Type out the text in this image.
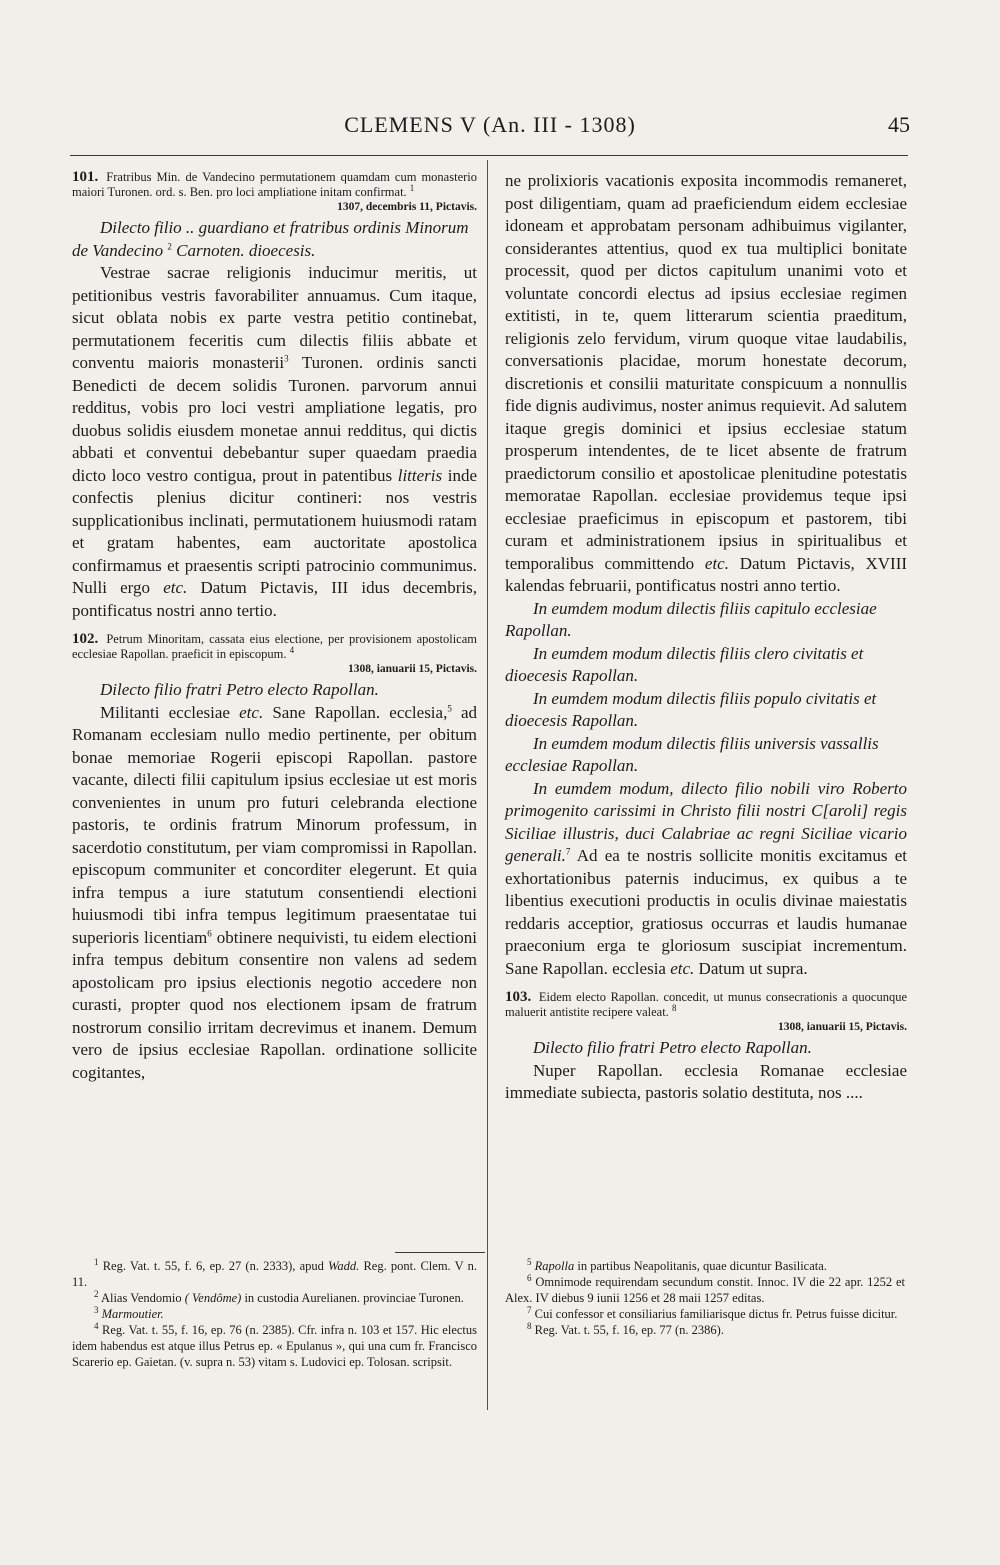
CLEMENS V (An. III - 1308)	45

101. Fratribus Min. de Vandecino permutationem quamdam cum monasterio maiori Turonen. ord. s. Ben. pro loci ampliatione initam confirmat. $^1$

1307, decembris 11, Pictavis.

Dilecto filio .. guardiano et fratribus ordinis Minorum de Vandecino $^2$ Carnoten. dioecesis.

Vestrae sacrae religionis inducimur meritis, ut petitionibus vestris favorabiliter annuamus. Cum itaque, sicut oblata nobis ex parte vestra petitio continebat, permutationem feceritis cum dilectis filiis abbate et conventu maioris monasterii$^3$ Turonen. ordinis sancti Benedicti de decem solidis Turonen. parvorum annui redditus, vobis pro loci vestri ampliatione legatis, pro duobus solidis eiusdem monetae annui redditus, qui dictis abbati et conventui debebantur super quaedam praedia dicto loco vestro contigua, prout in patentibus litteris inde confectis plenius dicitur contineri: nos vestris supplicationibus inclinati, permutationem huiusmodi ratam et gratam habentes, eam auctoritate apostolica confirmamus et praesentis scripti patrocinio communimus. Nulli ergo etc. Datum Pictavis, III idus decembris, pontificatus nostri anno tertio.

102. Petrum Minoritam, cassata eius electione, per provisionem apostolicam ecclesiae Rapollan. praeficit in episcopum. $^4$

1308, ianuarii 15, Pictavis.

Dilecto filio fratri Petro electo Rapollan.

Militanti ecclesiae etc. Sane Rapollan. ecclesia,$^5$ ad Romanam ecclesiam nullo medio pertinente, per obitum bonae memoriae Rogerii episcopi Rapollan. pastore vacante, dilecti filii capitulum ipsius ecclesiae ut est moris convenientes in unum pro futuri celebranda electione pastoris, te ordinis fratrum Minorum professum, in sacerdotio constitutum, per viam compromissi in Rapollan. episcopum communiter et concorditer elegerunt. Et quia infra tempus a iure statutum consentiendi electioni huiusmodi tibi infra tempus legitimum praesentatae tui superioris licentiam$^6$ obtinere nequivisti, tu eidem electioni infra tempus debitum consentire non valens ad sedem apostolicam pro ipsius electionis negotio accedere non curasti, propter quod nos electionem ipsam de fratrum nostrorum consilio irritam decrevimus et inanem. Demum vero de ipsius ecclesiae Rapollan. ordinatione sollicite cogitantes,

ne prolixioris vacationis exposita incommodis remaneret, post diligentiam, quam ad praeficiendum eidem ecclesiae idoneam et approbatam personam adhibuimus vigilanter, considerantes attentius, quod ex tua multiplici bonitate processit, quod per dictos capitulum unanimi voto et voluntate concordi electus ad ipsius ecclesiae regimen extitisti, in te, quem litterarum scientia praeditum, religionis zelo fervidum, virum quoque vitae laudabilis, conversationis placidae, morum honestate decorum, discretionis et consilii maturitate conspicuum a nonnullis fide dignis audivimus, noster animus requievit. Ad salutem itaque gregis dominici et ipsius ecclesiae statum prosperum intendentes, de te licet absente de fratrum praedictorum consilio et apostolicae plenitudine potestatis memoratae Rapollan. ecclesiae providemus teque ipsi ecclesiae praeficimus in episcopum et pastorem, tibi curam et administrationem ipsius in spiritualibus et temporalibus committendo etc. Datum Pictavis, XVIII kalendas februarii, pontificatus nostri anno tertio.

In eumdem modum dilectis filiis capitulo ecclesiae Rapollan.

In eumdem modum dilectis filiis clero civitatis et dioecesis Rapollan.

In eumdem modum dilectis filiis populo civitatis et dioecesis Rapollan.

In eumdem modum dilectis filiis universis vassallis ecclesiae Rapollan.

In eumdem modum, dilecto filio nobili viro Roberto primogenito carissimi in Christo filii nostri C[aroli] regis Siciliae illustris, duci Calabriae ac regni Siciliae vicario generali.$^7$ Ad ea te nostris sollicite monitis excitamus et exhortationibus paternis inducimus, ex quibus a te libentius executioni productis in oculis divinae maiestatis reddaris acceptior, gratiosus occurras et laudis humanae praeconium erga te gloriosum suscipiat incrementum. Sane Rapollan. ecclesia etc. Datum ut supra.

103. Eidem electo Rapollan. concedit, ut munus consecrationis a quocunque maluerit antistite recipere valeat. $^8$

1308, ianuarii 15, Pictavis.

Dilecto filio fratri Petro electo Rapollan.

Nuper Rapollan. ecclesia Romanae ecclesiae immediate subiecta, pastoris solatio destituta, nos ....

$^1$ Reg. Vat. t. 55, f. 6, ep. 27 (n. 2333), apud Wadd. Reg. pont. Clem. V n. 11.

$^2$ Alias Vendomio ( Vendôme) in custodia Aurelianen. provinciae Turonen.

$^3$ Marmoutier.

$^4$ Reg. Vat. t. 55, f. 16, ep. 76 (n. 2385). Cfr. infra n. 103 et 157. Hic electus idem habendus est atque illus Petrus ep. « Epulanus », qui una cum fr. Francisco Scarerio ep. Gaietan. (v. supra n. 53) vitam s. Ludovici ep. Tolosan. scripsit.

$^5$ Rapolla in partibus Neapolitanis, quae dicuntur Basilicata.

$^6$ Omnimode requirendam secundum constit. Innoc. IV die 22 apr. 1252 et Alex. IV diebus 9 iunii 1256 et 28 maii 1257 editas.

$^7$ Cui confessor et consiliarius familiarisque dictus fr. Petrus fuisse dicitur.

$^8$ Reg. Vat. t. 55, f. 16, ep. 77 (n. 2386).
